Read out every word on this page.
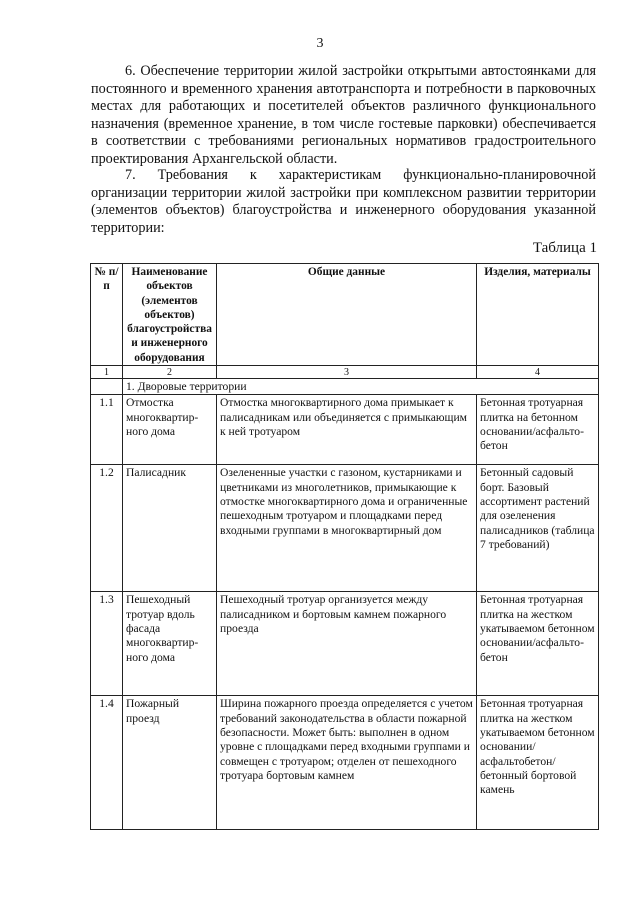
3
6. Обеспечение территории жилой застройки открытыми автостоянками для постоянного и временного хранения автотранспорта и потребности в парковочных местах для работающих и посетителей объектов различного функционального назначения (временное хранение, в том числе гостевые парковки) обеспечивается в соответствии с требованиями региональных нормативов градостроительного проектирования Архангельской области.
7. Требования к характеристикам функционально-планировочной организации территории жилой застройки при комплексном развитии территории (элементов объектов) благоустройства и инженерного оборудования указанной территории:
Таблица 1
№ п/п	Наименование объектов (элементов объектов) благоустройства и инженерного оборудования	Общие данные	Изделия, материалы
1	2	3	4
	1. Дворовые территории		
1.1	Отмостка многоквартир-ного дома	Отмостка многоквартирного дома примыкает к палисадникам или объединяется с примыкающим к ней тротуаром	Бетонная тротуарная плитка на бетонном основании/асфальто-бетон
1.2	Палисадник	Озелененные участки с газоном, кустарниками и цветниками из многолетников, примыкающие к отмостке многоквартирного дома и ограниченные пешеходным тротуаром и площадками перед входными группами в многоквартирный дом	Бетонный садовый борт. Базовый ассортимент растений для озеленения палисадников (таблица 7 требований)
1.3	Пешеходный тротуар вдоль фасада многоквартир-ного дома	Пешеходный тротуар организуется между палисадником и бортовым камнем пожарного проезда	Бетонная тротуарная плитка на жестком укатываемом бетонном основании/асфальто-бетон
1.4	Пожарный проезд	Ширина пожарного проезда определяется с учетом требований законодательства в области пожарной безопасности. Может быть: выполнен в одном уровне с площадками перед входными группами и совмещен с тротуаром; отделен от пешеходного тротуара бортовым камнем	Бетонная тротуарная плитка на жестком укатываемом бетонном основании/асфальтобетон/ бетонный бортовой камень
